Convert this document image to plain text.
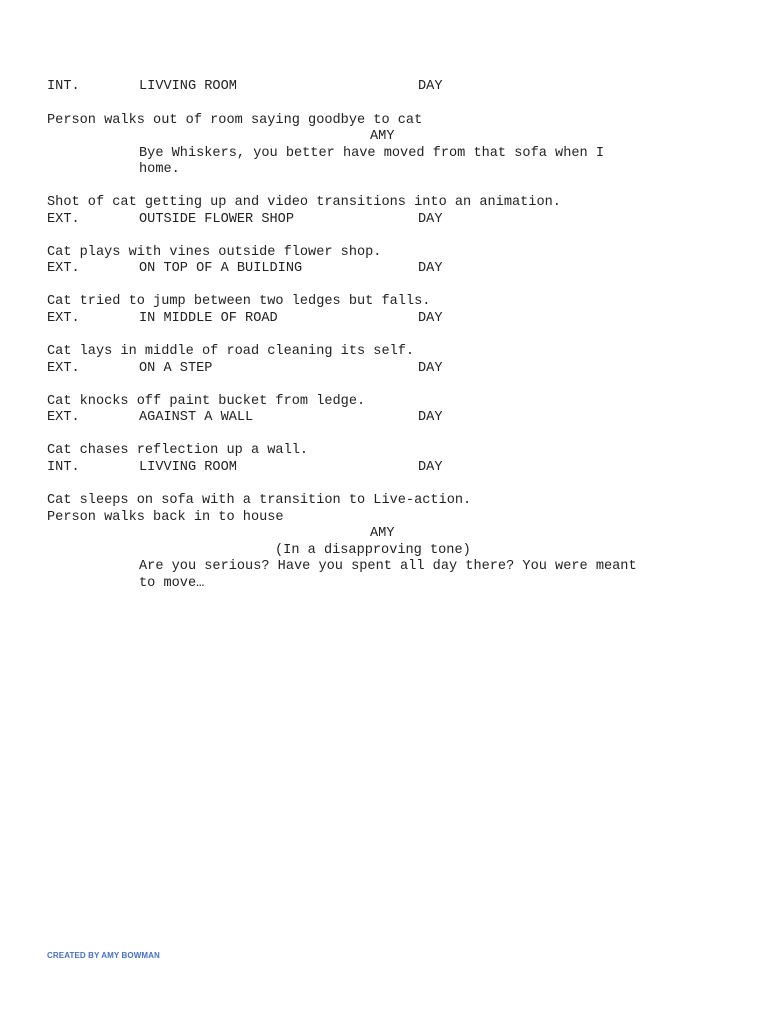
INT.	LIVVING ROOM	DAY
Person walks out of room saying goodbye to cat
AMY
Bye Whiskers, you better have moved from that sofa when I
home.
Shot of cat getting up and video transitions into an animation.
EXT.	OUTSIDE FLOWER SHOP	DAY
Cat plays with vines outside flower shop.
EXT.	ON TOP OF A BUILDING	DAY
Cat tried to jump between two ledges but falls.
EXT.	IN MIDDLE OF ROAD	DAY
Cat lays in middle of road cleaning its self.
EXT.	ON A STEP	DAY
Cat knocks off paint bucket from ledge.
EXT.	AGAINST A WALL	DAY
Cat chases reflection up a wall.
INT.	LIVVING ROOM	DAY
Cat sleeps on sofa with a transition to Live-action.
Person walks back in to house
AMY
(In a disapproving tone)
Are you serious? Have you spent all day there? You were meant
to move…
CREATED BY AMY BOWMAN
